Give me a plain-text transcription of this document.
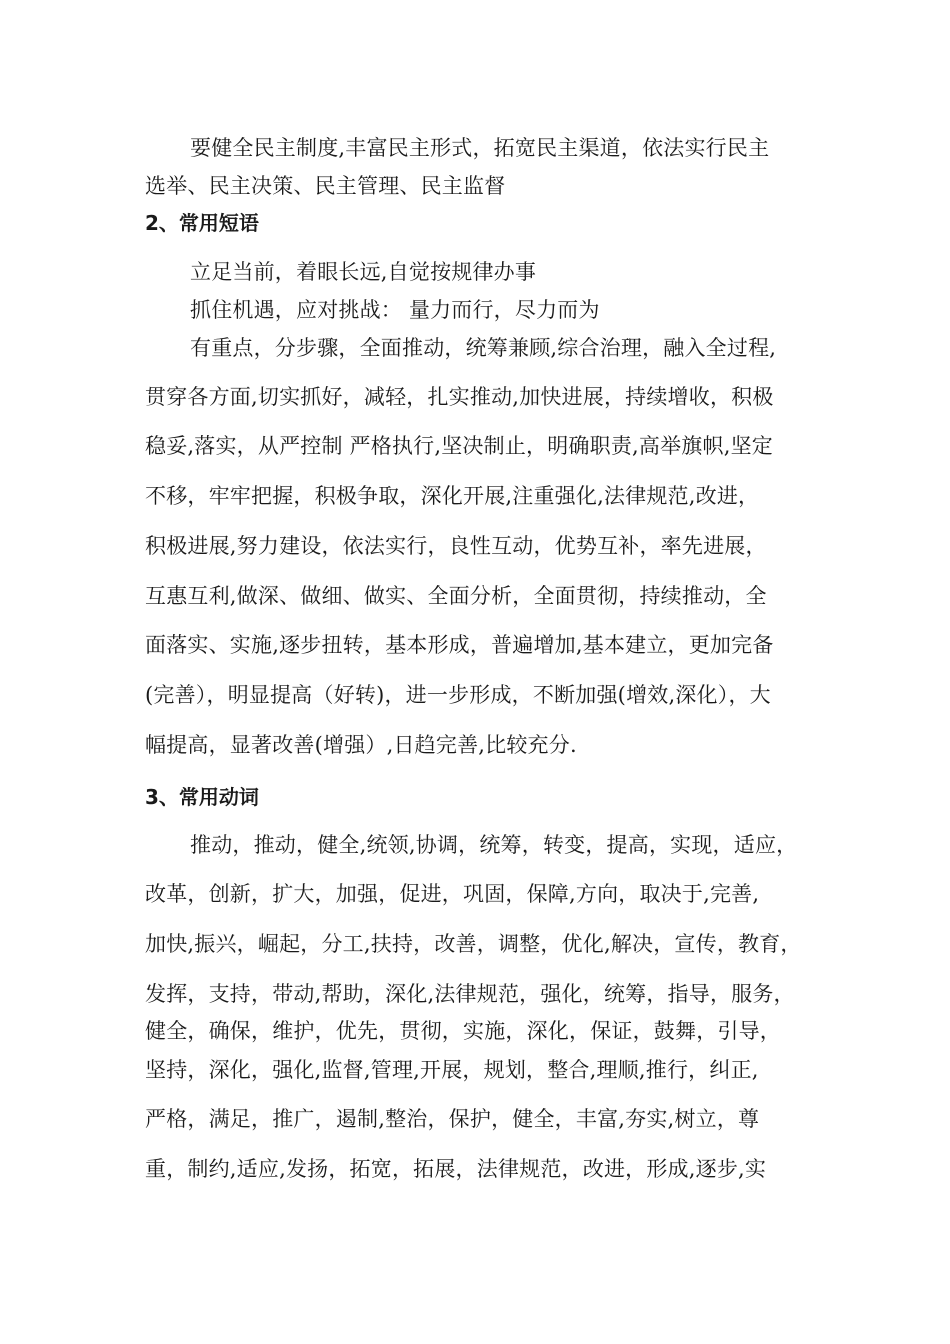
要健全民主制度,丰富民主形式，拓宽民主渠道，依法实行民主

选举、民主决策、民主管理、民主监督

2、常用短语

立足当前，着眼长远,自觉按规律办事

抓住机遇，应对挑战： 量力而行，尽力而为

有重点，分步骤，全面推动，统筹兼顾,综合治理，融入全过程,

贯穿各方面,切实抓好，减轻，扎实推动,加快进展，持续增收，积极

稳妥,落实，从严控制 严格执行,坚决制止，明确职责,高举旗帜,坚定

不移，牢牢把握，积极争取，深化开展,注重强化,法律规范,改进，

积极进展,努力建设，依法实行，良性互动，优势互补，率先进展，

互惠互利,做深、做细、做实、全面分析，全面贯彻，持续推动，全

面落实、实施,逐步扭转，基本形成，普遍增加,基本建立，更加完备

(完善），明显提高（好转)，进一步形成，不断加强(增效,深化），大

幅提高，显著改善(增强）,日趋完善,比较充分.

3、常用动词

推动，推动，健全,统领,协调，统筹，转变，提高，实现，适应，

改革，创新，扩大，加强，促进，巩固，保障,方向，取决于,完善,

加快,振兴，崛起，分工,扶持，改善，调整，优化,解决，宣传，教育，

发挥，支持，带动,帮助，深化,法律规范，强化，统筹，指导，服务，

健全，确保，维护，优先，贯彻，实施，深化，保证，鼓舞，引导，

坚持，深化，强化,监督,管理,开展，规划，整合,理顺,推行，纠正,

严格，满足，推广，遏制,整治，保护，健全，丰富,夯实,树立，尊

重，制约,适应,发扬，拓宽，拓展，法律规范，改进，形成,逐步,实
